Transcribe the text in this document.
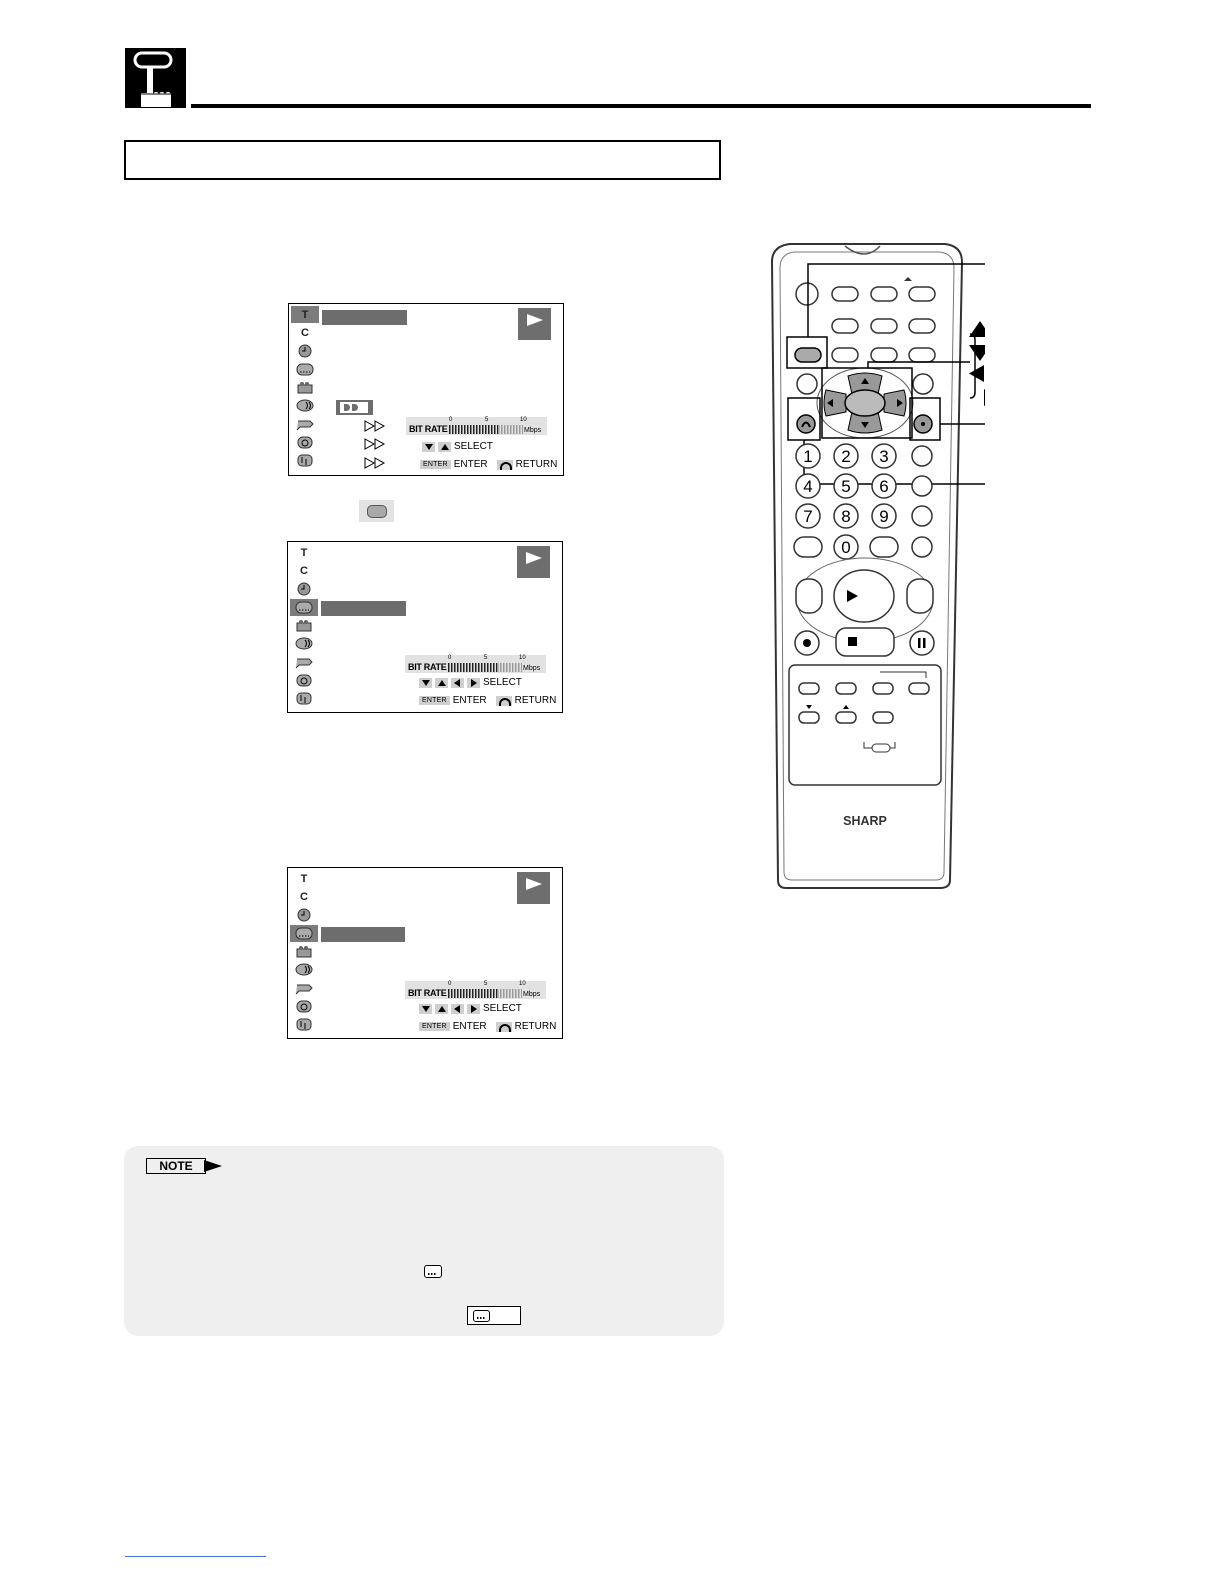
T
C
0	5	10
BIT RATE	Mbps
SELECT
ENTER ENTER	RETURN
T
C
0	5	10
BIT RATE	Mbps
SELECT
ENTER ENTER	RETURN
T
C
0	5	10
BIT RATE	Mbps
SELECT
ENTER ENTER	RETURN
1 2 3
4 5 6
7 8 9
0
SHARP
NOTE
